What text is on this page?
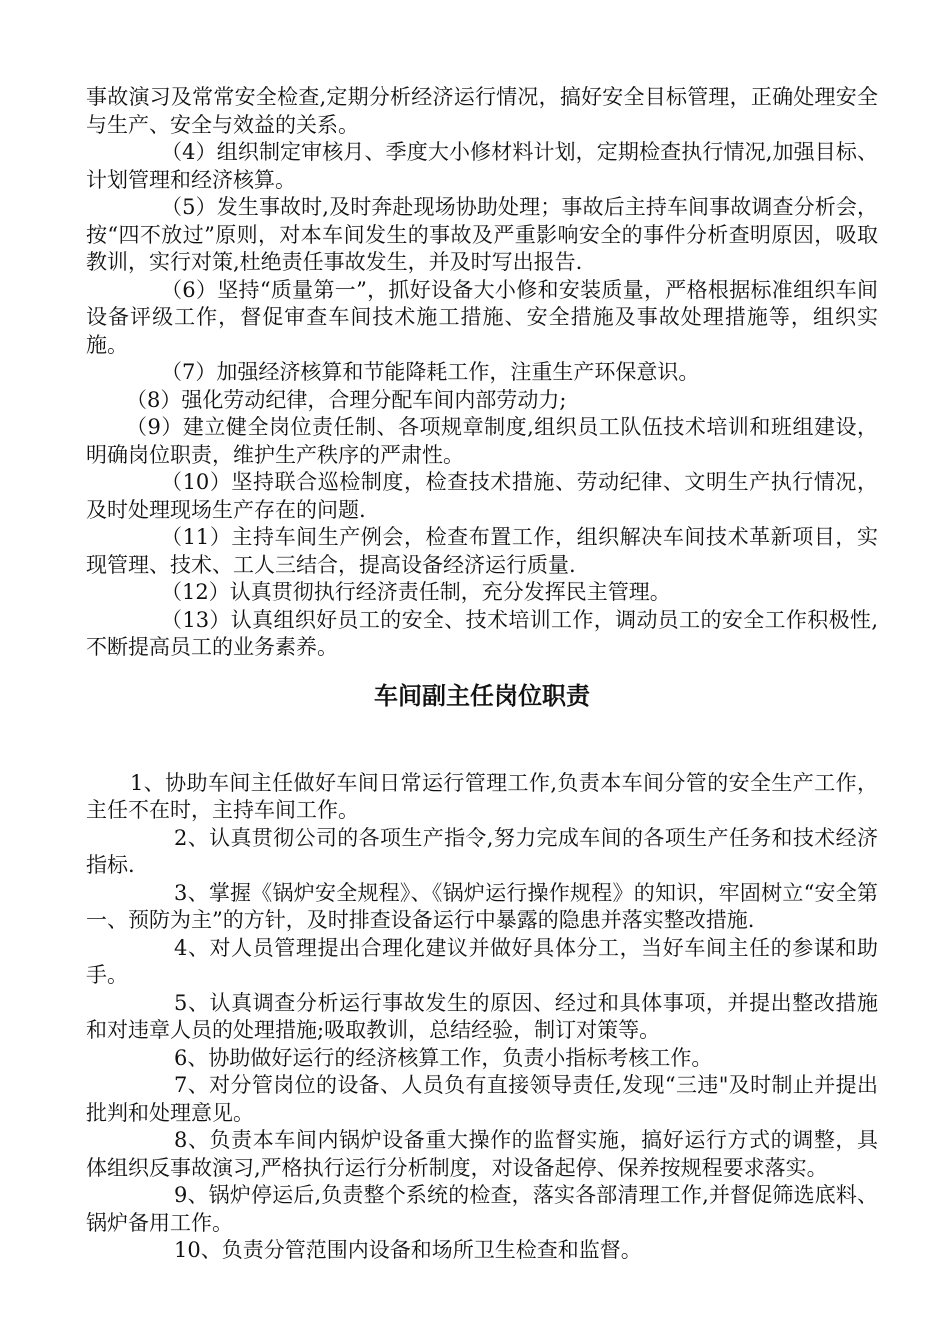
事故演习及常常安全检查,定期分析经济运行情况，搞好安全目标管理，正确处理安全与生产、安全与效益的关系。

（4）组织制定审核月、季度大小修材料计划，定期检查执行情况,加强目标、计划管理和经济核算。

（5）发生事故时,及时奔赴现场协助处理；事故后主持车间事故调查分析会，按“四不放过”原则，对本车间发生的事故及严重影响安全的事件分析查明原因，吸取教训，实行对策,杜绝责任事故发生，并及时写出报告.

（6）坚持“质量第一”，抓好设备大小修和安装质量，严格根据标准组织车间设备评级工作，督促审查车间技术施工措施、安全措施及事故处理措施等，组织实施。

（7）加强经济核算和节能降耗工作，注重生产环保意识。

（8）强化劳动纪律，合理分配车间内部劳动力;

（9）建立健全岗位责任制、各项规章制度,组织员工队伍技术培训和班组建设，明确岗位职责，维护生产秩序的严肃性。

（10）坚持联合巡检制度，检查技术措施、劳动纪律、文明生产执行情况，及时处理现场生产存在的问题.

（11）主持车间生产例会，检查布置工作，组织解决车间技术革新项目，实现管理、技术、工人三结合，提高设备经济运行质量.

（12）认真贯彻执行经济责任制，充分发挥民主管理。

（13）认真组织好员工的安全、技术培训工作，调动员工的安全工作积极性,不断提高员工的业务素养。

车间副主任岗位职责

1、协助车间主任做好车间日常运行管理工作,负责本车间分管的安全生产工作，主任不在时，主持车间工作。

2、认真贯彻公司的各项生产指令,努力完成车间的各项生产任务和技术经济指标.

3、掌握《锅炉安全规程》、《锅炉运行操作规程》的知识，牢固树立“安全第一、预防为主”的方针，及时排查设备运行中暴露的隐患并落实整改措施.

4、对人员管理提出合理化建议并做好具体分工，当好车间主任的参谋和助手。

5、认真调查分析运行事故发生的原因、经过和具体事项，并提出整改措施和对违章人员的处理措施;吸取教训，总结经验，制订对策等。

6、协助做好运行的经济核算工作，负责小指标考核工作。

7、对分管岗位的设备、人员负有直接领导责任,发现“三违"及时制止并提出批判和处理意见。

8、负责本车间内锅炉设备重大操作的监督实施，搞好运行方式的调整，具体组织反事故演习,严格执行运行分析制度，对设备起停、保养按规程要求落实。

9、锅炉停运后,负责整个系统的检查，落实各部清理工作,并督促筛选底料、锅炉备用工作。

10、负责分管范围内设备和场所卫生检查和监督。
